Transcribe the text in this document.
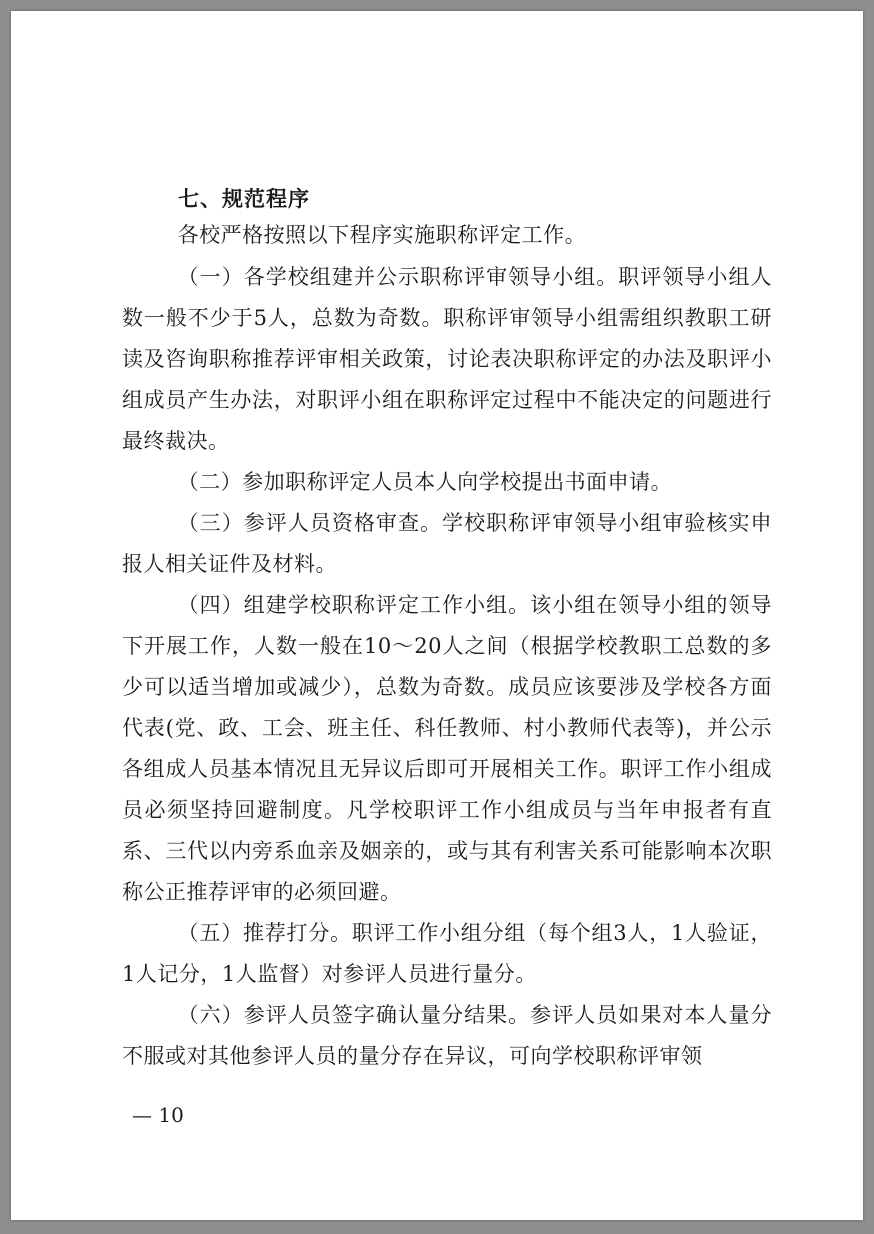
七、规范程序

各校严格按照以下程序实施职称评定工作。

（一）各学校组建并公示职称评审领导小组。职评领导小组人数一般不少于5人，总数为奇数。职称评审领导小组需组织教职工研读及咨询职称推荐评审相关政策，讨论表决职称评定的办法及职评小组成员产生办法，对职评小组在职称评定过程中不能决定的问题进行最终裁决。

（二）参加职称评定人员本人向学校提出书面申请。

（三）参评人员资格审查。学校职称评审领导小组审验核实申报人相关证件及材料。

（四）组建学校职称评定工作小组。该小组在领导小组的领导下开展工作，人数一般在10～20人之间（根据学校教职工总数的多少可以适当增加或减少），总数为奇数。成员应该要涉及学校各方面代表(党、政、工会、班主任、科任教师、村小教师代表等)，并公示各组成人员基本情况且无异议后即可开展相关工作。职评工作小组成员必须坚持回避制度。凡学校职评工作小组成员与当年申报者有直系、三代以内旁系血亲及姻亲的，或与其有利害关系可能影响本次职称公正推荐评审的必须回避。

（五）推荐打分。职评工作小组分组（每个组3人，1人验证，1人记分，1人监督）对参评人员进行量分。

（六）参评人员签字确认量分结果。参评人员如果对本人量分不服或对其他参评人员的量分存在异议，可向学校职称评审领

— 10
